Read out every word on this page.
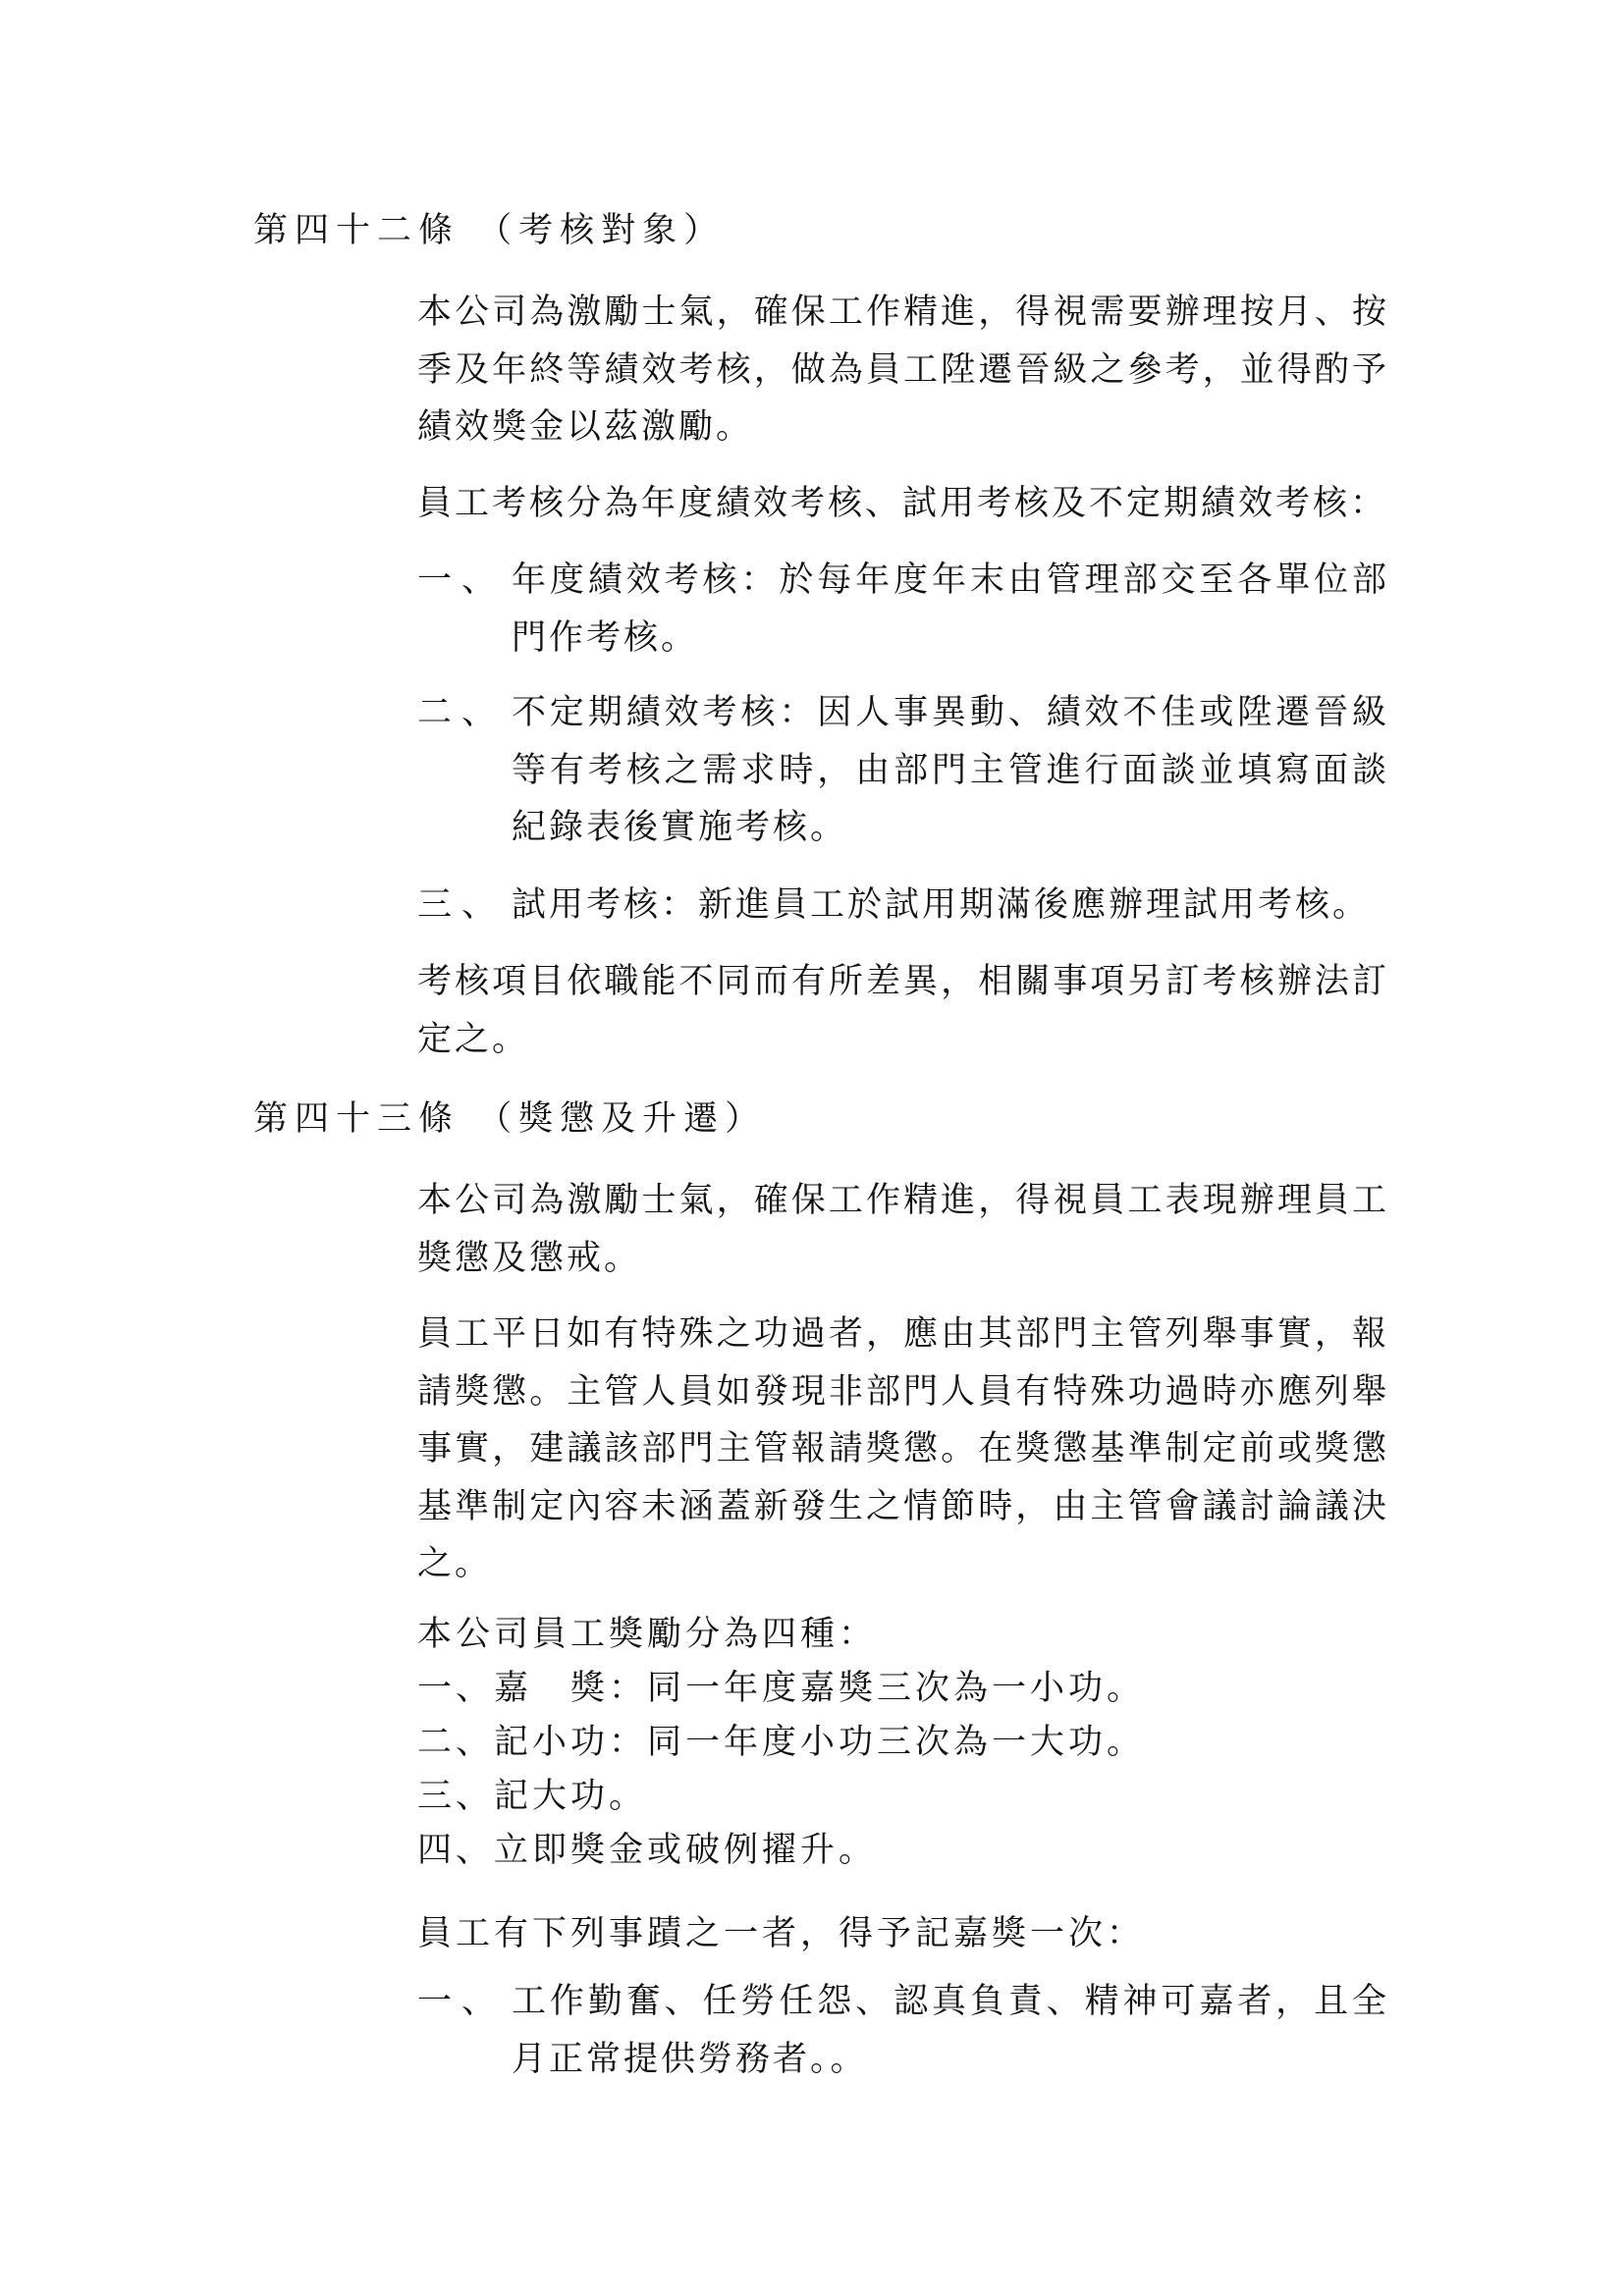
第四十二條 （考核對象）
本公司為激勵士氣，確保工作精進，得視需要辦理按月、按季及年終等績效考核，做為員工陞遷晉級之參考，並得酌予績效獎金以茲激勵。
員工考核分為年度績效考核、試用考核及不定期績效考核：
一、 年度績效考核：於每年度年末由管理部交至各單位部門作考核。
二、 不定期績效考核：因人事異動、績效不佳或陞遷晉級等有考核之需求時，由部門主管進行面談並填寫面談紀錄表後實施考核。
三、 試用考核：新進員工於試用期滿後應辦理試用考核。
考核項目依職能不同而有所差異，相關事項另訂考核辦法訂定之。
第四十三條 （獎懲及升遷）
本公司為激勵士氣，確保工作精進，得視員工表現辦理員工獎懲及懲戒。
員工平日如有特殊之功過者，應由其部門主管列舉事實，報請獎懲。主管人員如發現非部門人員有特殊功過時亦應列舉事實，建議該部門主管報請獎懲。在獎懲基準制定前或獎懲基準制定內容未涵蓋新發生之情節時，由主管會議討論議決之。
本公司員工獎勵分為四種：
一、嘉　獎：同一年度嘉獎三次為一小功。
二、記小功：同一年度小功三次為一大功。
三、記大功。
四、立即獎金或破例擢升。
員工有下列事蹟之一者，得予記嘉獎一次：
一、 工作勤奮、任勞任怨、認真負責、精神可嘉者，且全月正常提供勞務者。。
